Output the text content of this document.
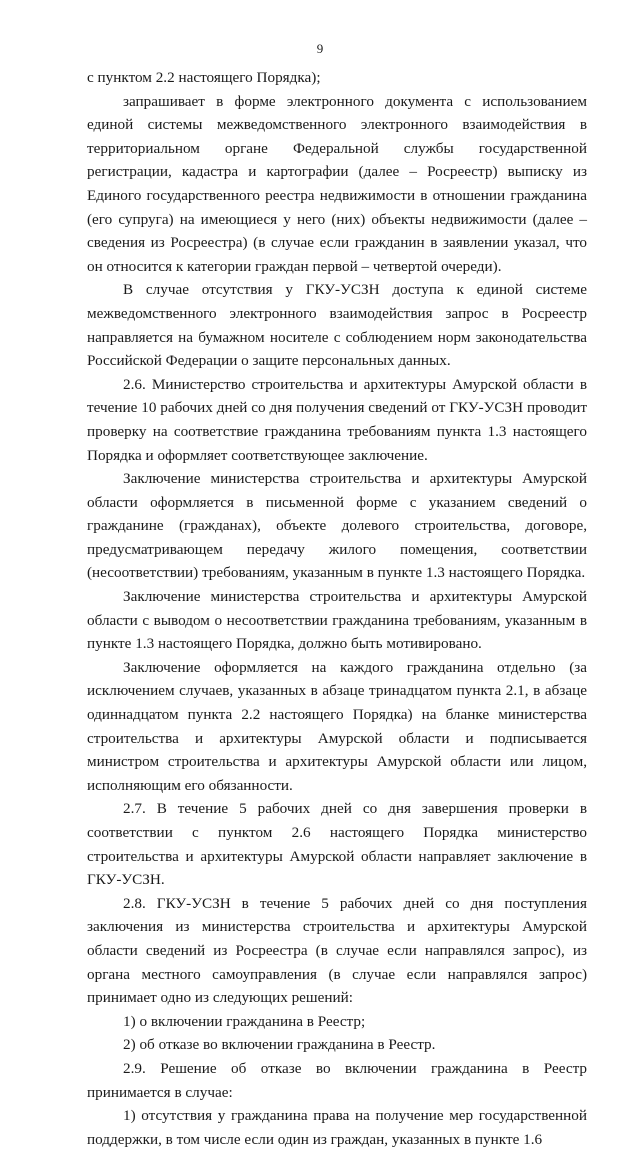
9

с пунктом 2.2 настоящего Порядка);

запрашивает в форме электронного документа с использованием единой системы межведомственного электронного взаимодействия в территориальном органе Федеральной службы государственной регистрации, кадастра и картографии (далее – Росреестр) выписку из Единого государственного реестра недвижимости в отношении гражданина (его супруга) на имеющиеся у него (них) объекты недвижимости (далее – сведения из Росреестра) (в случае если гражданин в заявлении указал, что он относится к категории граждан первой – четвертой очереди).

В случае отсутствия у ГКУ-УСЗН доступа к единой системе межведомственного электронного взаимодействия запрос в Росреестр направляется на бумажном носителе с соблюдением норм законодательства Российской Федерации о защите персональных данных.

2.6. Министерство строительства и архитектуры Амурской области в течение 10 рабочих дней со дня получения сведений от ГКУ-УСЗН проводит проверку на соответствие гражданина требованиям пункта 1.3 настоящего Порядка и оформляет соответствующее заключение.

Заключение министерства строительства и архитектуры Амурской области оформляется в письменной форме с указанием сведений о гражданине (гражданах), объекте долевого строительства, договоре, предусматривающем передачу жилого помещения, соответствии (несоответствии) требованиям, указанным в пункте 1.3 настоящего Порядка.

Заключение министерства строительства и архитектуры Амурской области с выводом о несоответствии гражданина требованиям, указанным в пункте 1.3 настоящего Порядка, должно быть мотивировано.

Заключение оформляется на каждого гражданина отдельно (за исключением случаев, указанных в абзаце тринадцатом пункта 2.1, в абзаце одиннадцатом пункта 2.2 настоящего Порядка) на бланке министерства строительства и архитектуры Амурской области и подписывается министром строительства и архитектуры Амурской области или лицом, исполняющим его обязанности.

2.7. В течение 5 рабочих дней со дня завершения проверки в соответствии с пунктом 2.6 настоящего Порядка министерство строительства и архитектуры Амурской области направляет заключение в ГКУ-УСЗН.

2.8. ГКУ-УСЗН в течение 5 рабочих дней со дня поступления заключения из министерства строительства и архитектуры Амурской области сведений из Росреестра (в случае если направлялся запрос), из органа местного самоуправления (в случае если направлялся запрос) принимает одно из следующих решений:

1) о включении гражданина в Реестр;

2) об отказе во включении гражданина в Реестр.

2.9. Решение об отказе во включении гражданина в Реестр принимается в случае:

1) отсутствия у гражданина права на получение мер государственной поддержки, в том числе если один из граждан, указанных в пункте 1.6
